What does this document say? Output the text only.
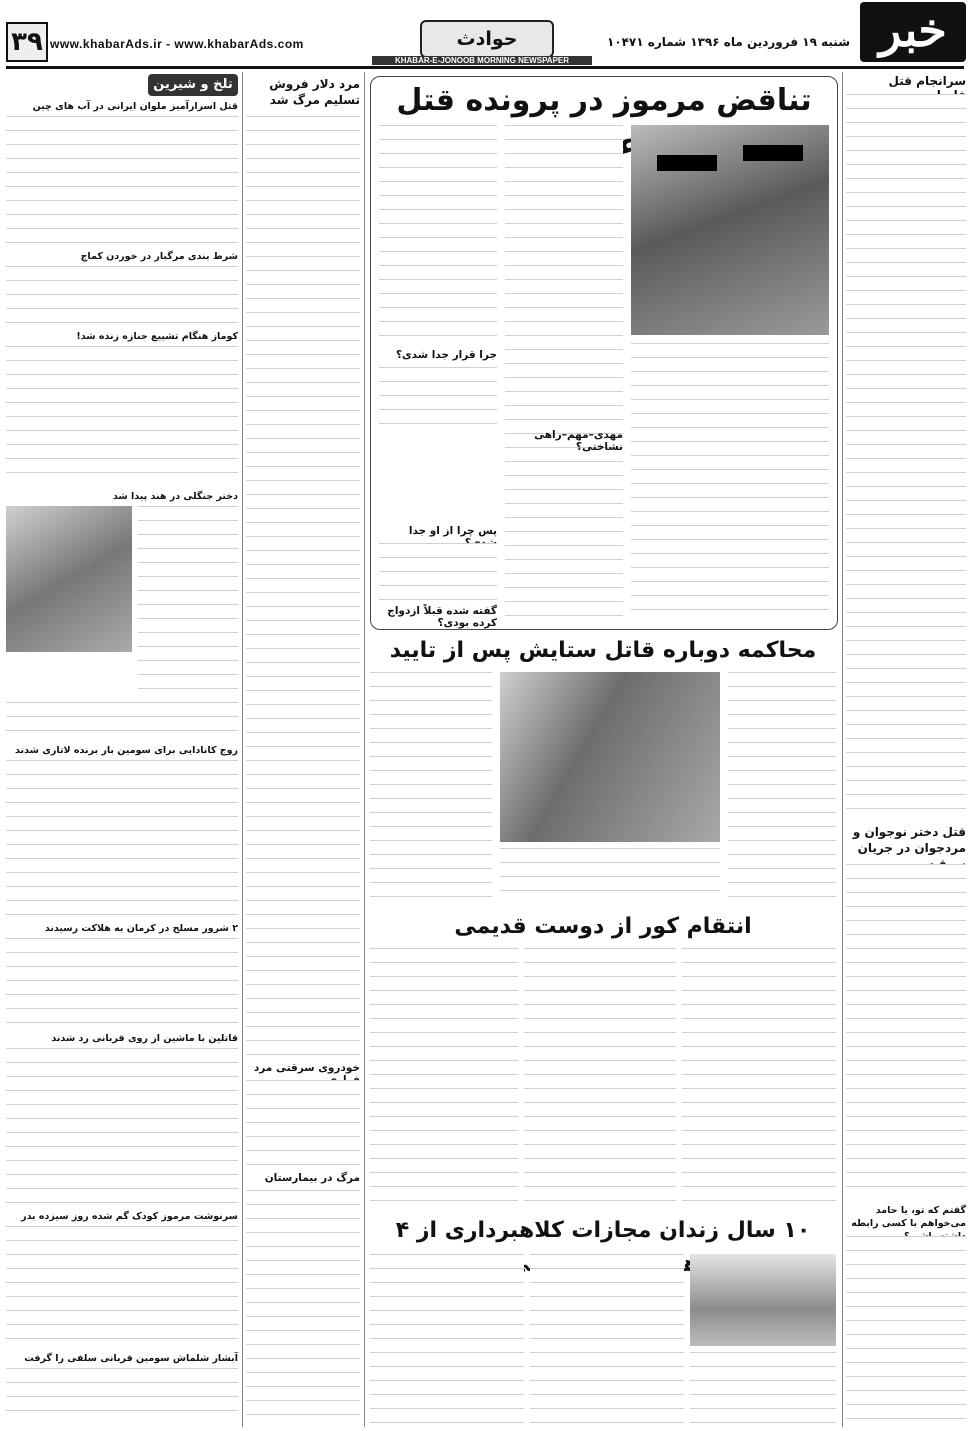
۳۹ www.khabarAds.ir - www.khabarAds.com	حوادث	شنبه ۱۹ فروردین ماه ۱۳۹۶ شماره ۱۰۴۷۱ خبر
KHABAR-E-JONOOB MORNING NEWSPAPER
سرانجام قتل
قتل دختر نوجوان و مردجوان در جریان
گفتم که تو، یا حامد می‌خواهم با کسی رابطه
تناقض مرموز در پرونده قتل
جرا قرار جدا شدی؟
مهدی–مهم–راهی نشاختی؟
پس چرا از او جدا
گفته شده قبلاً ازدواج کرده بودی؟
محاکمه دوباره قاتل ستایش پس از تایید
انتقام کور از دوست قدیمی
۱۰ سال زندان مجازات کلاهبرداری از ۴
مرد دلار فروش تسلیم مرگ شد
خودروی سرقتی مرد
مرگ در بیمارستان
تلخ و شیرین
قتل اسرارآمیز ملوان ایرانی در آب های چین
شرط بندی مرگبار در خوردن کماچ
کوماز هنگام تشییع جنازه زنده شد!
دختر جنگلی در هند پیدا شد
زوج کانادایی برای سومین بار برنده لاتاری شدند
۲ شرور مسلح در کرمان به هلاکت رسیدند
قاتلین با ماشین از روی قربانی رد شدند
سرنوشت مرموز کودک گم شده روز سیزده بدر
آبشار شلماش سومین قربانی سلفی را گرفت
